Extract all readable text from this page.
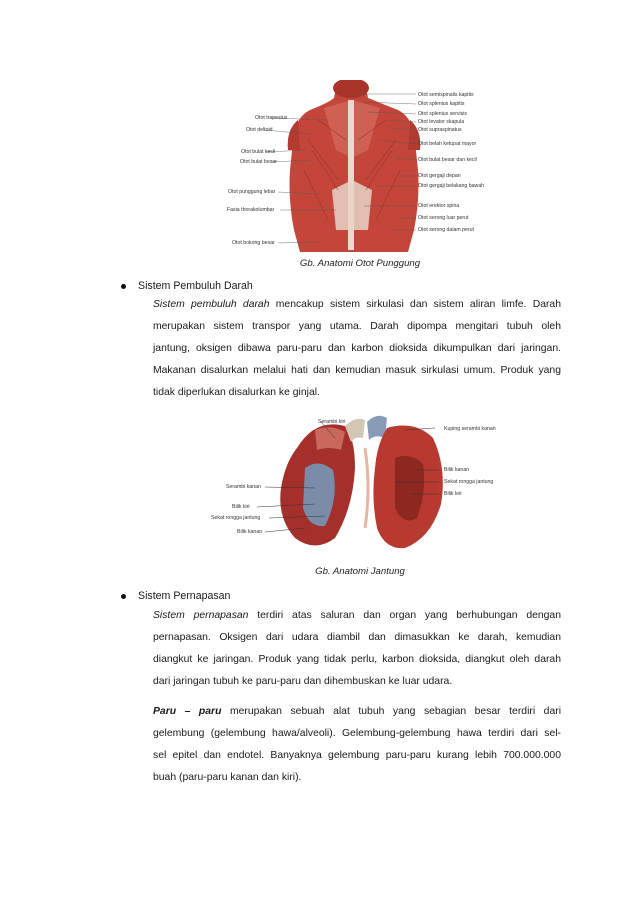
Otot trapesius
Otot deltoid
Otot bulat kecil
Otot bulat besar
Otot punggung lebar
Fasia thorakolumbar
Otot bokong besar
Otot semispinalis kapitis
Otot splenius kapitis
Otot splenius servisis
Otot levator skapula
Otot supraspinatus
Otot belah ketupat mayor
Otot bulat besar dan kecil
Otot gergaji depan
Otot gergaji belakang bawah
Otot erektor spina
Otot serong luar perut
Otot serong dalam perut
Gb. Anatomi Otot Punggung
Sistem Pembuluh Darah
Sistem pembuluh darah mencakup sistem sirkulasi dan sistem aliran limfe. Darah
merupakan sistem transpor yang utama. Darah dipompa mengitari tubuh oleh
jantung, oksigen dibawa paru-paru dan karbon dioksida dikumpulkan dari jaringan.
Makanan disalurkan melalui hati dan kemudian masuk sirkulasi umum. Produk yang
tidak diperlukan disalurkan ke ginjal.
Serambi kiri
Serambi kanan
Bilik kiri
Sekat rongga jantung
Bilik kanan
Kuping serambi kanan
Bilik kanan
Sekat rongga jantung
Bilik kiri
Gb. Anatomi Jantung
Sistem Pernapasan
Sistem pernapasan terdiri atas saluran dan organ yang berhubungan dengan
pernapasan. Oksigen dari udara diambil dan dimasukkan ke darah, kemudian
diangkut ke jaringan. Produk yang tidak perlu, karbon dioksida, diangkut oleh darah
dari jaringan tubuh ke paru-paru dan dihembuskan ke luar udara.
Paru – paru merupakan sebuah alat tubuh yang sebagian besar terdiri dari
gelembung (gelembung hawa/alveoli). Gelembung-gelembung hawa terdiri dari sel-
sel epitel dan endotel. Banyaknya gelembung paru-paru kurang lebih 700.000.000
buah (paru-paru kanan dan kiri).
